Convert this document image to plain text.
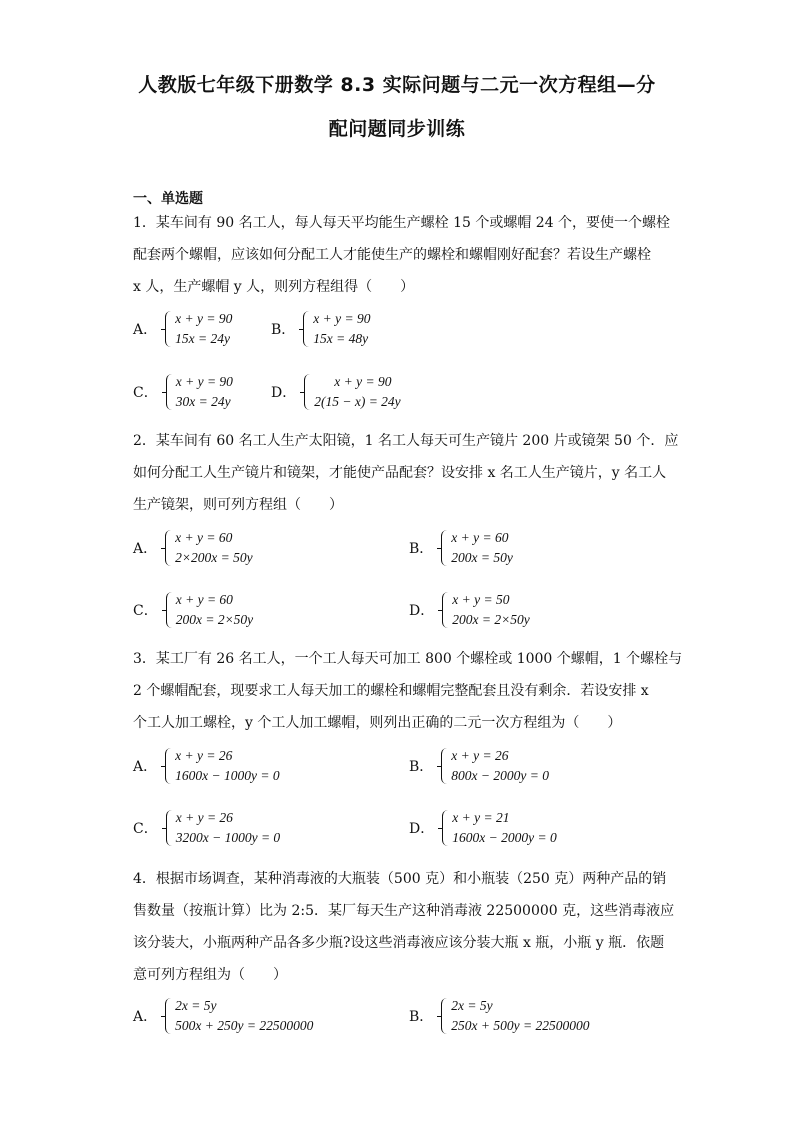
人教版七年级下册数学 8.3 实际问题与二元一次方程组—分
配问题同步训练
一、单选题
1．某车间有 90 名工人，每人每天平均能生产螺栓 15 个或螺帽 24 个，要使一个螺栓
配套两个螺帽，应该如何分配工人才能使生产的螺栓和螺帽刚好配套？若设生产螺栓
x 人，生产螺帽 y 人，则列方程组得（　　）
A．
x + y = 90
15x = 24y
B．
x + y = 90
15x = 48y
C．
x + y = 90
30x = 24y
D．
x + y = 90
2(15 − x) = 24y
2．某车间有 60 名工人生产太阳镜，1 名工人每天可生产镜片 200 片或镜架 50 个．应
如何分配工人生产镜片和镜架，才能使产品配套？设安排 x 名工人生产镜片，y 名工人
生产镜架，则可列方程组（　　）
A．
x + y = 60
2×200x = 50y
B．
x + y = 60
200x = 50y
C．
x + y = 60
200x = 2×50y
D．
x + y = 50
200x = 2×50y
3．某工厂有 26 名工人，一个工人每天可加工 800 个螺栓或 1000 个螺帽，1 个螺栓与
2 个螺帽配套，现要求工人每天加工的螺栓和螺帽完整配套且没有剩余．若设安排 x
个工人加工螺栓，y 个工人加工螺帽，则列出正确的二元一次方程组为（　　）
A．
x + y = 26
1600x − 1000y = 0
B．
x + y = 26
800x − 2000y = 0
C．
x + y = 26
3200x − 1000y = 0
D．
x + y = 21
1600x − 2000y = 0
4．根据市场调查，某种消毒液的大瓶装（500 克）和小瓶装（250 克）两种产品的销
售数量（按瓶计算）比为 2:5．某厂每天生产这种消毒液 22500000 克，这些消毒液应
该分装大，小瓶两种产品各多少瓶?设这些消毒液应该分装大瓶 x 瓶，小瓶 y 瓶．依题
意可列方程组为（　　）
A．
2x = 5y
500x + 250y = 22500000
B．
2x = 5y
250x + 500y = 22500000
